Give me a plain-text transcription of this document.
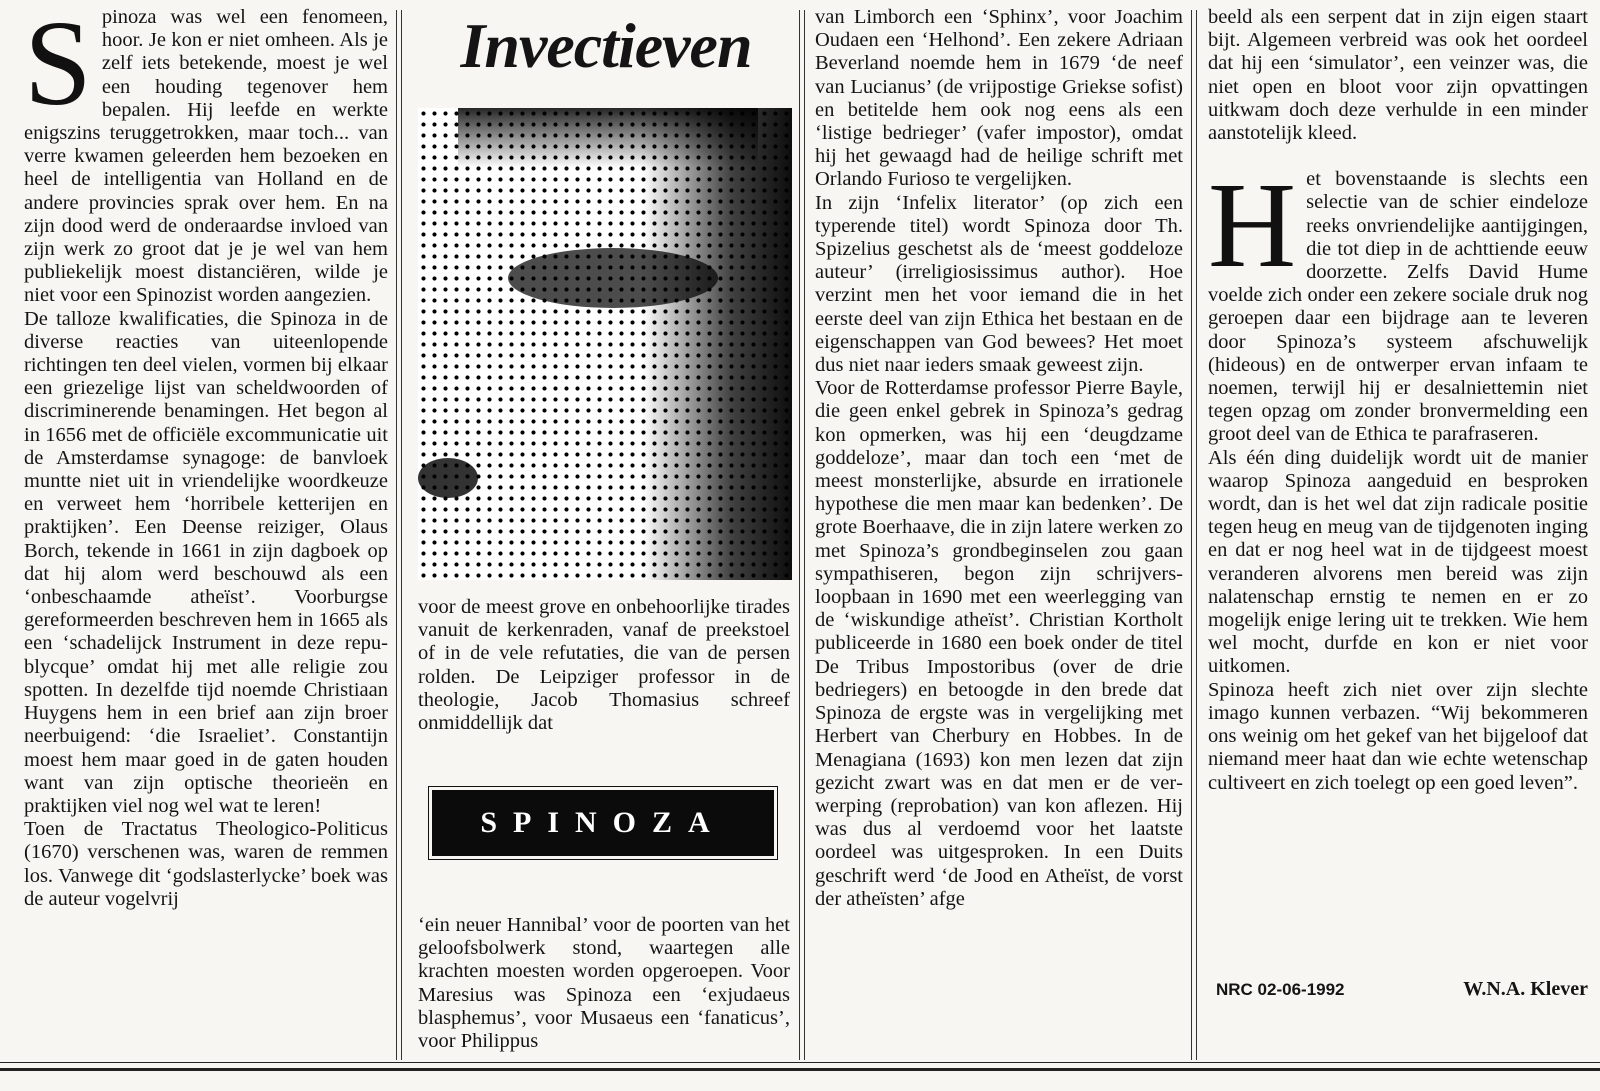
S pinoza was wel een fenomeen, hoor. Je kon er niet omheen. Als je zelf iets betekende, moest je wel een houding tegenover hem bepalen. Hij leefde en werkte enigszins teruggetrokken, maar toch... van verre kwamen geleerden hem bezoeken en heel de intelligentia van Holland en de andere provincies sprak over hem. En na zijn dood werd de onderaardse invloed van zijn werk zo groot dat je je wel van hem publiekelijk moest distanciëren, wilde je niet voor een Spinozist worden aangezien.

De talloze kwalificaties, die Spinoza in de diverse reacties van uiteenlopende richtingen ten deel vielen, vormen bij elkaar een griezelige lijst van scheldwoorden of discriminerende benamingen. Het begon al in 1656 met de officiële excommunicatie uit de Amsterdamse synagoge: de banvloek muntte niet uit in vriendelijke woordkeuze en verweet hem ‘horribele ketterijen en praktijken’. Een Deense reiziger, Olaus Borch, tekende in 1661 in zijn dagboek op dat hij alom werd beschouwd als een ‘onbeschaamde atheïst’. Voorburgse gereformeerden beschreven hem in 1665 als een ‘schadelijck Instrument in deze republycque’ omdat hij met alle religie zou spotten. In dezelfde tijd noemde Christiaan Huygens hem in een brief aan zijn broer neerbuigend: ‘die Israeliet’. Constantijn moest hem maar goed in de gaten houden want van zijn optische theorieën en praktijken viel nog wel wat te leren!

Toen de Tractatus Theologico-Politicus (1670) verschenen was, waren de remmen los. Vanwege dit ‘godslasterlycke’ boek was de auteur vogelvrij

Invectieven

voor de meest grove en onbehoorlijke tirades vanuit de kerkenraden, vanaf de preekstoel of in de vele refutaties, die van de persen rolden. De Leipziger professor in de theologie, Jacob Thomasius schreef onmiddellijk dat

SPINOZA

‘ein neuer Hannibal’ voor de poorten van het geloofsbolwerk stond, waartegen alle krachten moesten worden opgeroepen. Voor Maresius was Spinoza een ‘exjudaeus blasphemus’, voor Musaeus een ‘fanaticus’, voor Philippus

van Limborch een ‘Sphinx’, voor Joachim Oudaen een ‘Helhond’. Een zekere Adriaan Beverland noemde hem in 1679 ‘de neef van Lucianus’ (de vrijpostige Griekse sofist) en betitelde hem ook nog eens als een ‘listige bedrieger’ (vafer impostor), omdat hij het gewaagd had de heilige schrift met Orlando Furioso te vergelijken.

In zijn ‘Infelix literator’ (op zich een typerende titel) wordt Spinoza door Th. Spizelius geschetst als de ‘meest goddeloze auteur’ (irreligiosissimus author). Hoe verzint men het voor iemand die in het eerste deel van zijn Ethica het bestaan en de eigenschappen van God bewees? Het moet dus niet naar ieders smaak geweest zijn.

Voor de Rotterdamse professor Pierre Bayle, die geen enkel gebrek in Spinoza’s gedrag kon opmerken, was hij een ‘deugdzame goddeloze’, maar dan toch een ‘met de meest monsterlijke, absurde en irrationele hypothese die men maar kan bedenken’. De grote Boerhaave, die in zijn latere werken zo met Spinoza’s grondbeginselen zou gaan sympathiseren, begon zijn schrijversloopbaan in 1690 met een weerlegging van de ‘wiskundige atheïst’. Christian Kortholt publiceerde in 1680 een boek onder de titel De Tribus Impostoribus (over de drie bedriegers) en betoogde in den brede dat Spinoza de ergste was in vergelijking met Herbert van Cherbury en Hobbes. In de Menagiana (1693) kon men lezen dat zijn gezicht zwart was en dat men er de verwerping (reprobation) van kon aflezen. Hij was dus al verdoemd voor het laatste oordeel was uitgesproken. In een Duits geschrift werd ‘de Jood en Atheïst, de vorst der atheïsten’ afge

beeld als een serpent dat in zijn eigen staart bijt. Algemeen verbreid was ook het oordeel dat hij een ‘simulator’, een veinzer was, die niet open en bloot voor zijn opvattingen uitkwam doch deze verhulde in een minder aanstotelijk kleed.

H et bovenstaande is slechts een selectie van de schier eindeloze reeks onvriendelijke aantijgingen, die tot diep in de achttiende eeuw doorzette. Zelfs David Hume voelde zich onder een zekere sociale druk nog geroepen daar een bijdrage aan te leveren door Spinoza’s systeem afschuwelijk (hideous) en de ontwerper ervan infaam te noemen, terwijl hij er desalniettemin niet tegen opzag om zonder bronvermelding een groot deel van de Ethica te parafraseren.

Als één ding duidelijk wordt uit de manier waarop Spinoza aangeduid en besproken wordt, dan is het wel dat zijn radicale positie tegen heug en meug van de tijdgenoten inging en dat er nog heel wat in de tijdgeest moest veranderen alvorens men bereid was zijn nalatenschap ernstig te nemen en er zo mogelijk enige lering uit te trekken. Wie hem wel mocht, durfde en kon er niet voor uitkomen.

Spinoza heeft zich niet over zijn slechte imago kunnen verbazen. “Wij bekommeren ons weinig om het gekef van het bijgeloof dat niemand meer haat dan wie echte wetenschap cultiveert en zich toelegt op een goed leven”.

NRC 02-06-1992	W.N.A. Klever
